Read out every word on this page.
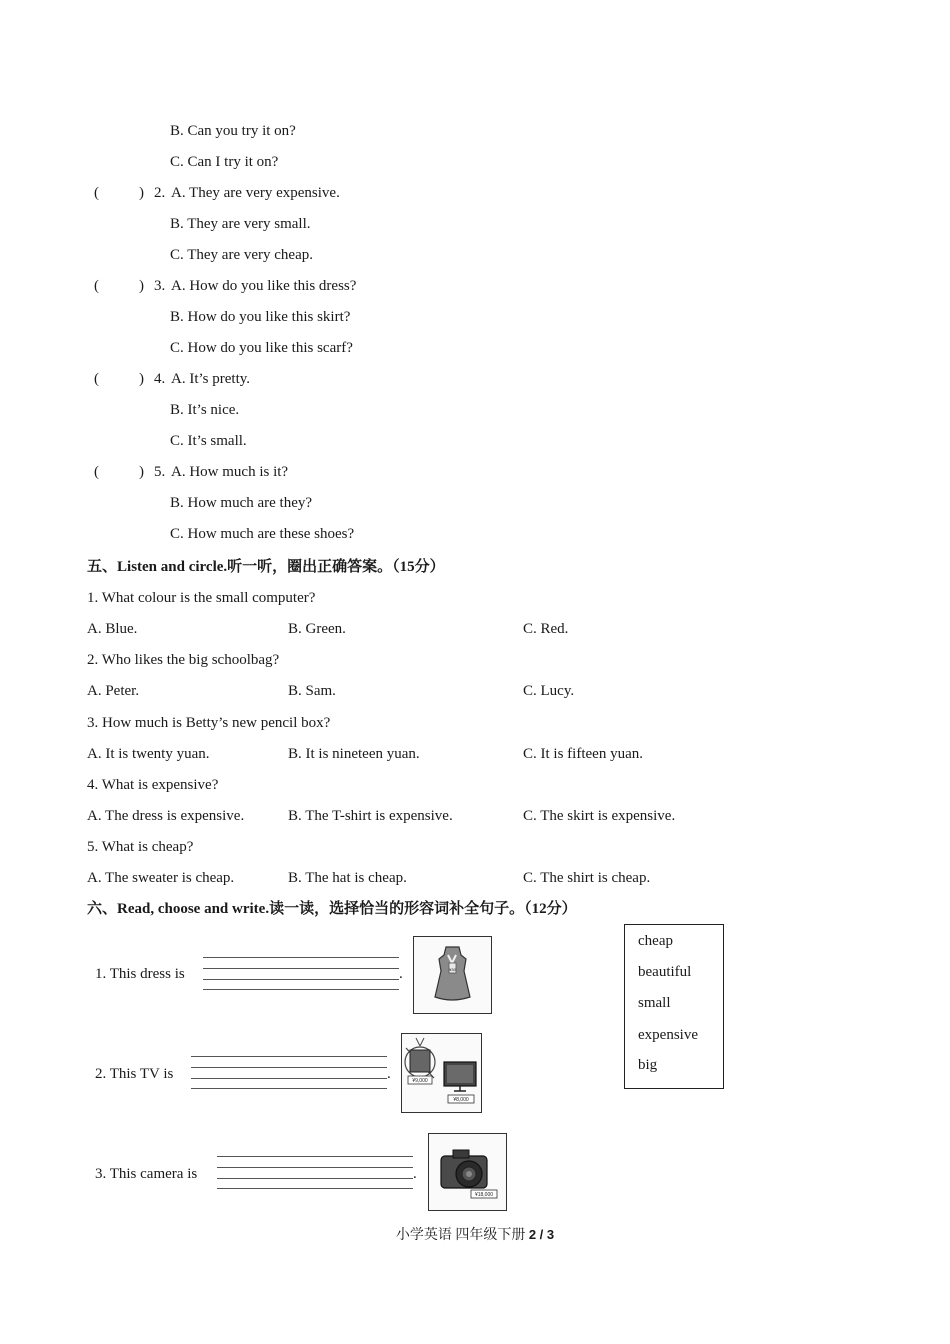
B. Can you try it on?
C. Can I try it on?
(	) 2. A. They are very expensive.
B. They are very small.
C. They are very cheap.
(	) 3. A. How do you like this dress?
B. How do you like this skirt?
C. How do you like this scarf?
(	) 4. A. It’s pretty.
B. It’s nice.
C. It’s small.
(	) 5. A. How much is it?
B. How much are they?
C. How much are these shoes?
五、Listen and circle.听一听，圈出正确答案。（15分）
1. What colour is the small computer?
A. Blue.	B. Green.	C. Red.
2. Who likes the big schoolbag?
A. Peter.	B. Sam.	C. Lucy.
3. How much is Betty’s new pencil box?
A. It is twenty yuan.	B. It is nineteen yuan.	C. It is fifteen yuan.
4. What is expensive?
A. The dress is expensive.	B. The T-shirt is expensive.	C. The skirt is expensive.
5. What is cheap?
A. The sweater is cheap.	B. The hat is cheap.	C. The shirt is cheap.
六、Read, choose and write.读一读，选择恰当的形容词补全句子。（12分）
1. This dress is	.	¥30
2. This TV is	.	¥9,000
¥8,000
3. This camera is	.
¥18,000
cheap
beautiful
small
expensive
big
小学英语 四年级下册 2 / 3
